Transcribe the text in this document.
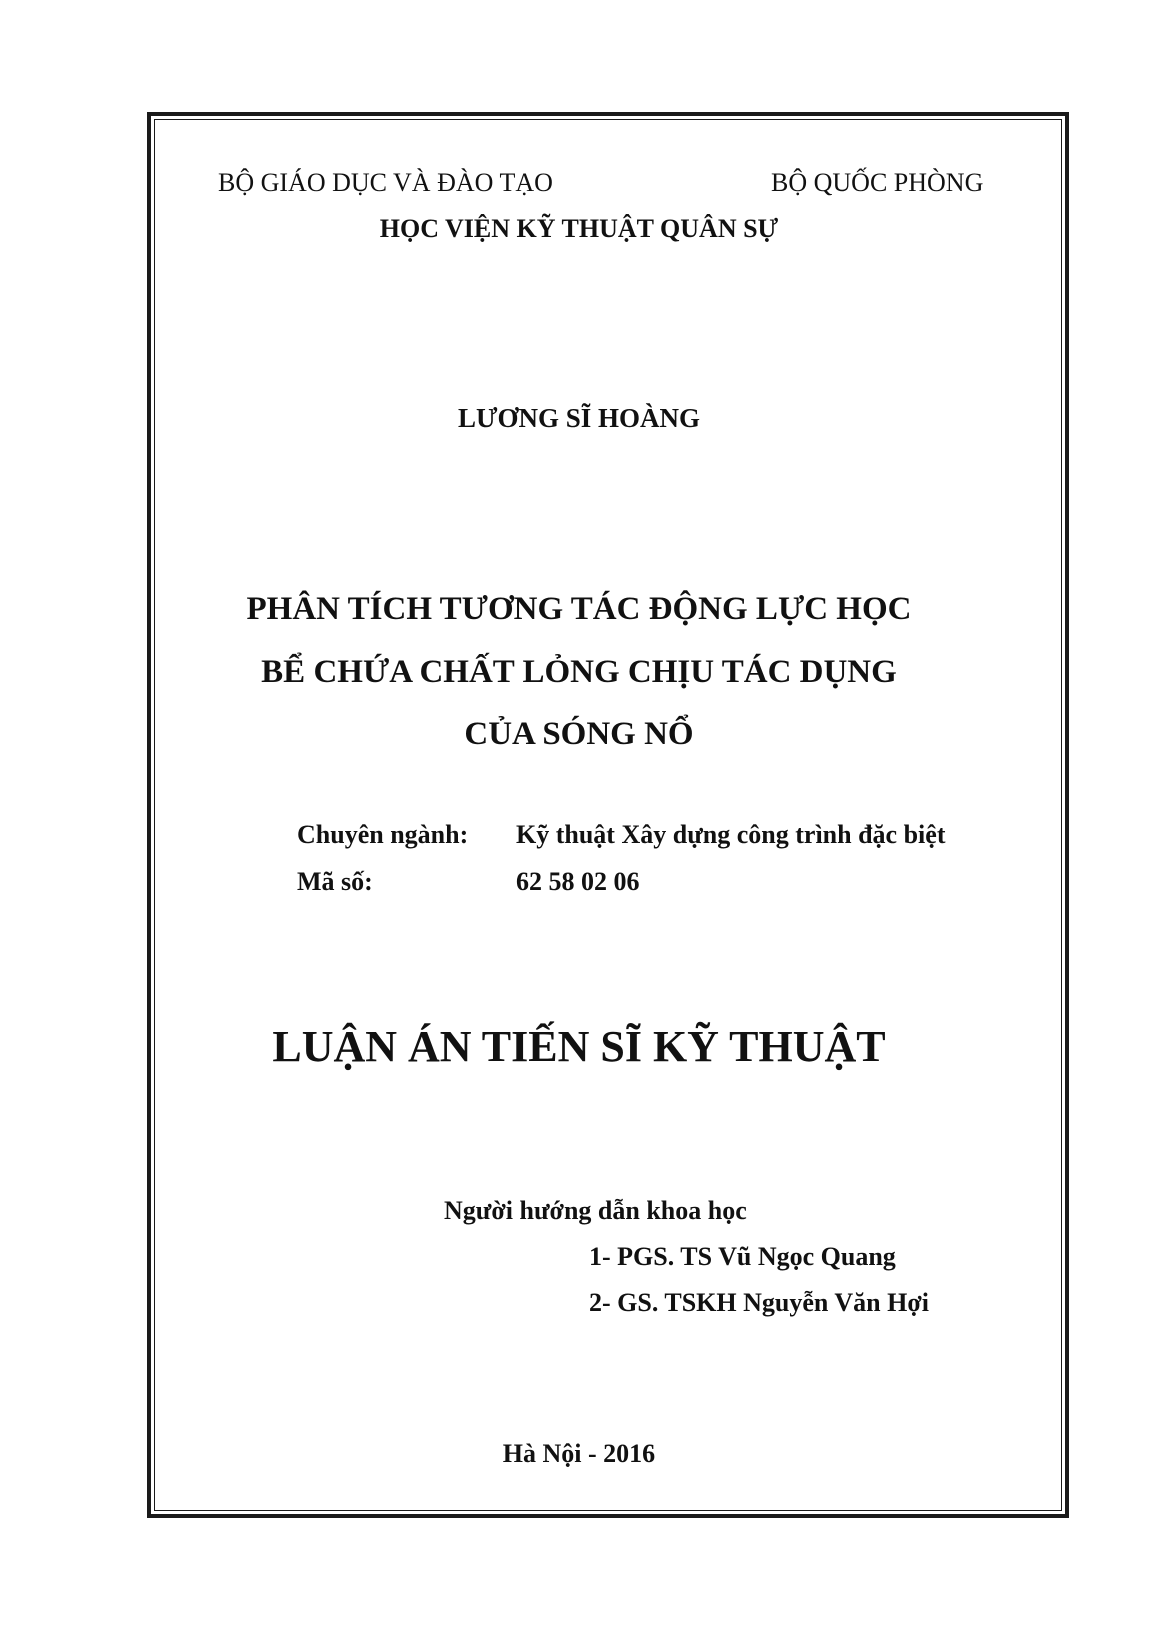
BỘ GIÁO DỤC VÀ ĐÀO TẠO	BỘ QUỐC PHÒNG
HỌC VIỆN KỸ THUẬT QUÂN SỰ
LƯƠNG SĨ HOÀNG
PHÂN TÍCH TƯƠNG TÁC ĐỘNG LỰC HỌC
BỂ CHỨA CHẤT LỎNG CHỊU TÁC DỤNG
CỦA SÓNG NỔ
Chuyên ngành: Kỹ thuật Xây dựng công trình đặc biệt
Mã số:	62 58 02 06
LUẬN ÁN TIẾN SĨ KỸ THUẬT
Người hướng dẫn khoa học
1- PGS. TS Vũ Ngọc Quang
2- GS. TSKH Nguyễn Văn Hợi
Hà Nội - 2016
